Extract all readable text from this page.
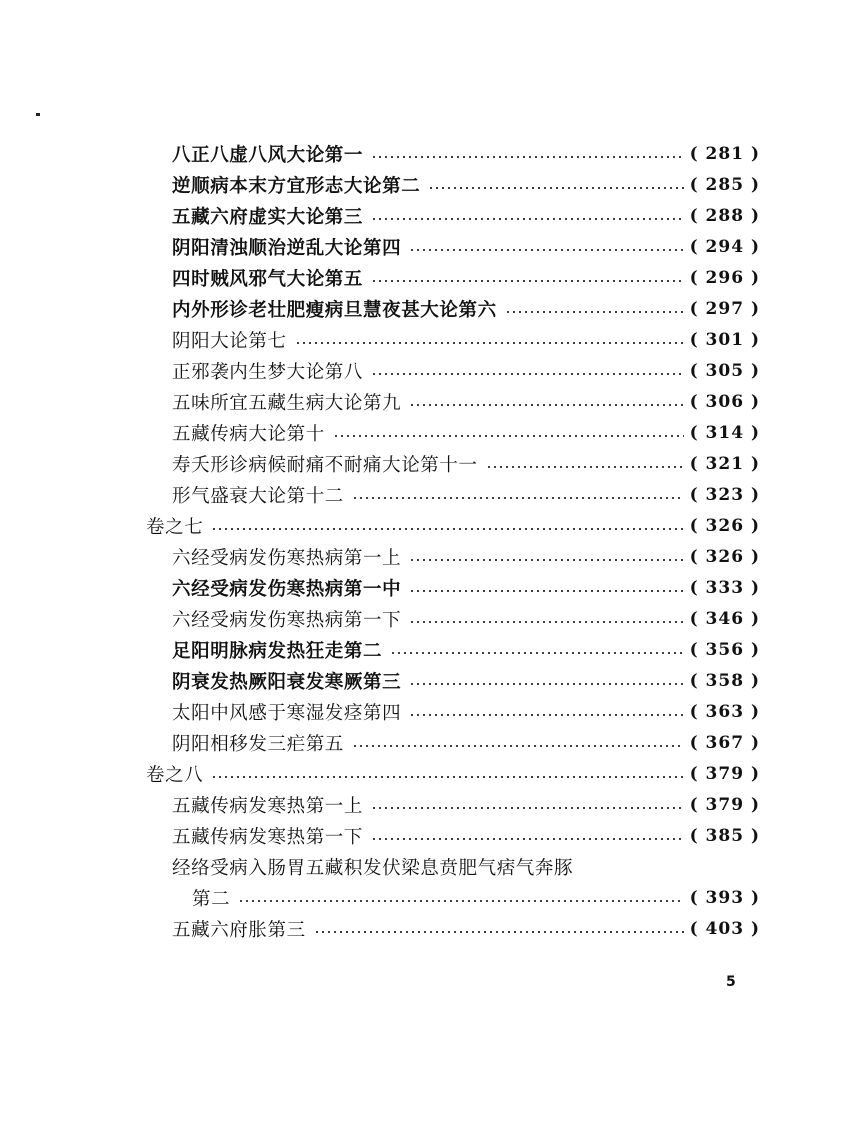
八正八虚八风大论第一	( 281 )
逆顺病本末方宜形志大论第二	( 285 )
五藏六府虚实大论第三	( 288 )
阴阳清浊顺治逆乱大论第四	( 294 )
四时贼风邪气大论第五	( 296 )
内外形诊老壮肥瘦病旦慧夜甚大论第六	( 297 )
阴阳大论第七	( 301 )
正邪袭内生梦大论第八	( 305 )
五味所宜五藏生病大论第九	( 306 )
五藏传病大论第十	( 314 )
寿夭形诊病候耐痛不耐痛大论第十一	( 321 )
形气盛衰大论第十二	( 323 )
卷之七	( 326 )
六经受病发伤寒热病第一上	( 326 )
六经受病发伤寒热病第一中	( 333 )
六经受病发伤寒热病第一下	( 346 )
足阳明脉病发热狂走第二	( 356 )
阴衰发热厥阳衰发寒厥第三	( 358 )
太阳中风感于寒湿发痉第四	( 363 )
阴阳相移发三疟第五	( 367 )
卷之八	( 379 )
五藏传病发寒热第一上	( 379 )
五藏传病发寒热第一下	( 385 )
经络受病入肠胃五藏积发伏梁息贲肥气痞气奔豚
第二	( 393 )
五藏六府胀第三	( 403 )
5
